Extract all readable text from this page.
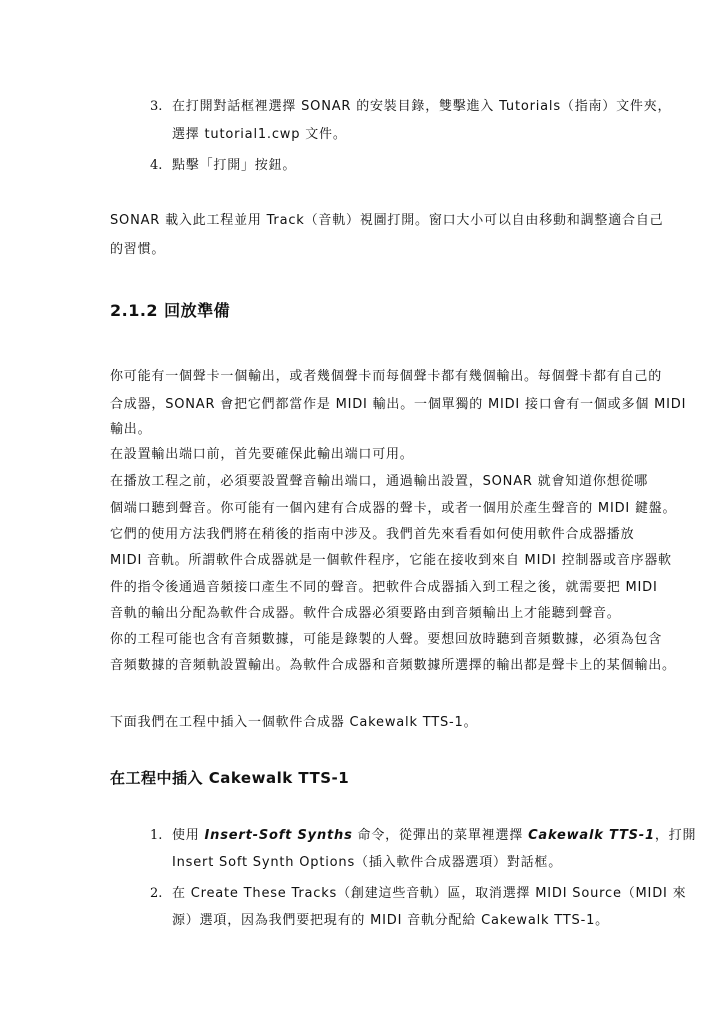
3. 在打開對話框裡選擇 SONAR 的安裝目錄，雙擊進入 Tutorials（指南）文件夾，
選擇 tutorial1.cwp 文件。
4. 點擊「打開」按鈕。
SONAR 載入此工程並用 Track（音軌）視圖打開。窗口大小可以自由移動和調整適合自己
的習慣。
2.1.2 回放準備
你可能有一個聲卡一個輸出，或者幾個聲卡而每個聲卡都有幾個輸出。每個聲卡都有自己的
合成器，SONAR 會把它們都當作是 MIDI 輸出。一個單獨的 MIDI 接口會有一個或多個 MIDI
輸出。
在設置輸出端口前，首先要確保此輸出端口可用。
在播放工程之前，必須要設置聲音輸出端口，通過輸出設置，SONAR 就會知道你想從哪
個端口聽到聲音。你可能有一個內建有合成器的聲卡，或者一個用於產生聲音的 MIDI 鍵盤。
它們的使用方法我們將在稍後的指南中涉及。我們首先來看看如何使用軟件合成器播放
MIDI 音軌。所謂軟件合成器就是一個軟件程序，它能在接收到來自 MIDI 控制器或音序器軟
件的指令後通過音頻接口產生不同的聲音。把軟件合成器插入到工程之後，就需要把 MIDI
音軌的輸出分配為軟件合成器。軟件合成器必須要路由到音頻輸出上才能聽到聲音。
你的工程可能也含有音頻數據，可能是錄製的人聲。要想回放時聽到音頻數據，必須為包含
音頻數據的音頻軌設置輸出。為軟件合成器和音頻數據所選擇的輸出都是聲卡上的某個輸出。
下面我們在工程中插入一個軟件合成器 Cakewalk TTS-1。
在工程中插入 Cakewalk TTS-1
1. 使用 Insert-Soft Synths 命令，從彈出的菜單裡選擇 Cakewalk TTS-1，打開
Insert Soft Synth Options（插入軟件合成器選項）對話框。
2. 在 Create These Tracks（創建這些音軌）區，取消選擇 MIDI Source（MIDI 來
源）選項，因為我們要把現有的 MIDI 音軌分配給 Cakewalk TTS-1。
